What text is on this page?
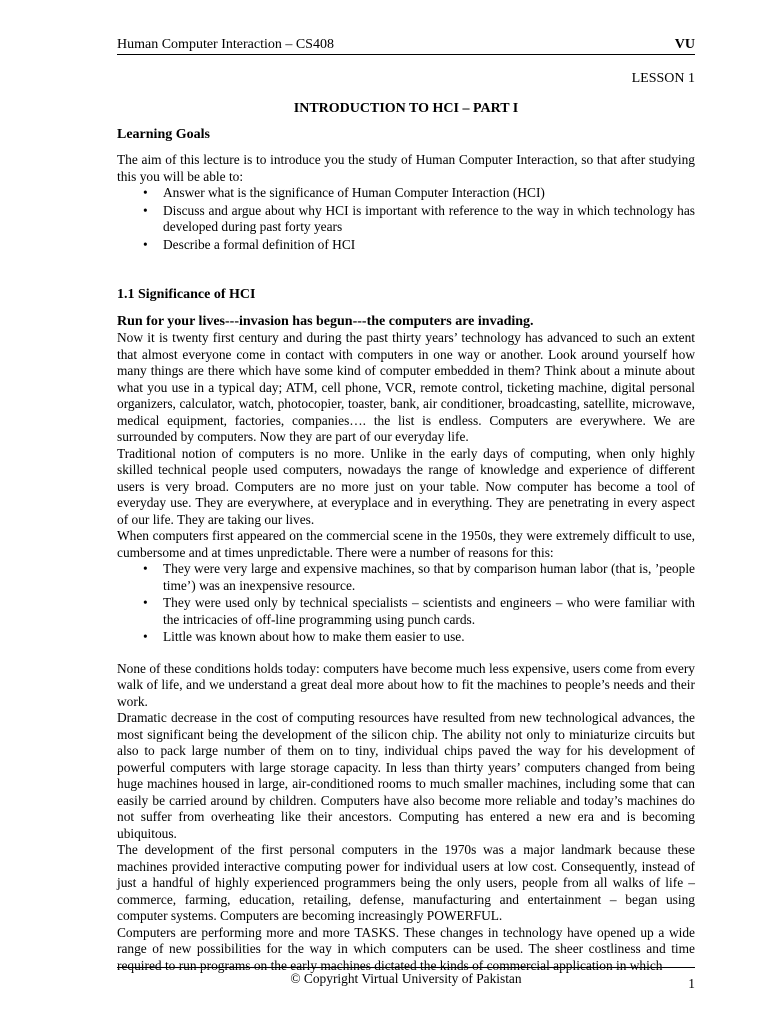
Human Computer Interaction – CS408	VU
LESSON 1
INTRODUCTION TO HCI – PART I
Learning Goals

The aim of this lecture is to introduce you the study of Human Computer Interaction, so that after studying this you will be able to:

• Answer what is the significance of Human Computer Interaction (HCI)
• Discuss and argue about why HCI is important with reference to the way in which technology has developed during past forty years
• Describe a formal definition of HCI
1.1 Significance of HCI
Run for your lives---invasion has begun---the computers are invading.

Now it is twenty first century and during the past thirty years’ technology has advanced to such an extent that almost everyone come in contact with computers in one way or another. Look around yourself how many things are there which have some kind of computer embedded in them? Think about a minute about what you use in a typical day; ATM, cell phone, VCR, remote control, ticketing machine, digital personal organizers, calculator, watch, photocopier, toaster, bank, air conditioner, broadcasting, satellite, microwave, medical equipment, factories, companies…. the list is endless. Computers are everywhere. We are surrounded by computers. Now they are part of our everyday life.

Traditional notion of computers is no more. Unlike in the early days of computing, when only highly skilled technical people used computers, nowadays the range of knowledge and experience of different users is very broad. Computers are no more just on your table. Now computer has become a tool of everyday use. They are everywhere, at everyplace and in everything. They are penetrating in every aspect of our life. They are taking our lives.

When computers first appeared on the commercial scene in the 1950s, they were extremely difficult to use, cumbersome and at times unpredictable. There were a number of reasons for this:

• They were very large and expensive machines, so that by comparison human labor (that is, ’people time’) was an inexpensive resource.
• They were used only by technical specialists – scientists and engineers – who were familiar with the intricacies of off-line programming using punch cards.
• Little was known about how to make them easier to use.

None of these conditions holds today: computers have become much less expensive, users come from every walk of life, and we understand a great deal more about how to fit the machines to people’s needs and their work.

Dramatic decrease in the cost of computing resources have resulted from new technological advances, the most significant being the development of the silicon chip. The ability not only to miniaturize circuits but also to pack large number of them on to tiny, individual chips paved the way for his development of powerful computers with large storage capacity. In less than thirty years’ computers changed from being huge machines housed in large, air-conditioned rooms to much smaller machines, including some that can easily be carried around by children. Computers have also become more reliable and today’s machines do not suffer from overheating like their ancestors. Computing has entered a new era and is becoming ubiquitous.

The development of the first personal computers in the 1970s was a major landmark because these machines provided interactive computing power for individual users at low cost. Consequently, instead of just a handful of highly experienced programmers being the only users, people from all walks of life – commerce, farming, education, retailing, defense, manufacturing and entertainment – began using computer systems. Computers are becoming increasingly POWERFUL.

Computers are performing more and more TASKS. These changes in technology have opened up a wide range of new possibilities for the way in which computers can be used. The sheer costliness and time required to run programs on the early machines dictated the kinds of commercial application in which

© Copyright Virtual University of Pakistan	1
